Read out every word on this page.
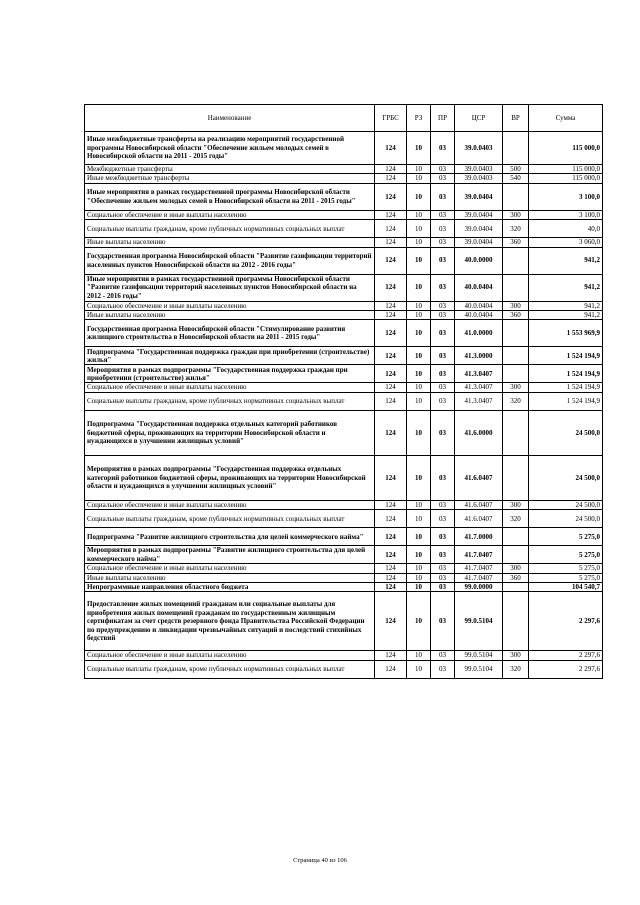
Наименование	ГРБС	РЗ	ПР	ЦСР	ВР	Сумма
Иные межбюджетные трансферты на реализацию мероприятий государственной программы Новосибирской области "Обеспечение жильем молодых семей в Новосибирской области на 2011 - 2015 годы"	124	10	03	39.0.0403		115 000,0
Межбюджетные трансферты	124	10	03	39.0.0403	500	115 000,0
Иные межбюджетные трансферты	124	10	03	39.0.0403	540	115 000,0
Иные мероприятия в рамках государственной программы Новосибирской области "Обеспечение жильем молодых семей в Новосибирской области на 2011 - 2015 годы"	124	10	03	39.0.0404		3 100,0
Социальное обеспечение и иные выплаты населению	124	10	03	39.0.0404	300	3 100,0
Социальные выплаты гражданам, кроме публичных нормативных социальных выплат	124	10	03	39.0.0404	320	40,0
Иные выплаты населению	124	10	03	39.0.0404	360	3 060,0
Государственная программа Новосибирской области "Развитие газификации территорий населенных пунктов Новосибирской области на 2012 - 2016 годы"	124	10	03	40.0.0000		941,2
Иные мероприятия в рамках государственной программы Новосибирской области "Развитие газификации территорий населенных пунктов Новосибирской области на 2012 - 2016 годы"	124	10	03	40.0.0404		941,2
Социальное обеспечение и иные выплаты населению	124	10	03	40.0.0404	300	941,2
Иные выплаты населению	124	10	03	40.0.0404	360	941,2
Государственная программа Новосибирской области "Стимулирование развития жилищного строительства в Новосибирской области на 2011 - 2015 годы"	124	10	03	41.0.0000		1 553 969,9
Подпрограмма "Государственная поддержка граждан при приобретении (строительстве) жилья"	124	10	03	41.3.0000		1 524 194,9
Мероприятия в рамках подпрограммы "Государственная поддержка граждан при приобретении (строительстве) жилья"	124	10	03	41.3.0407		1 524 194,9
Социальное обеспечение и иные выплаты населению	124	10	03	41.3.0407	300	1 524 194,9
Социальные выплаты гражданам, кроме публичных нормативных социальных выплат	124	10	03	41.3.0407	320	1 524 194,9
Подпрограмма "Государственная поддержка отдельных категорий работников бюджетной сферы, проживающих на территории Новосибирской области и нуждающихся в улучшении жилищных условий"	124	10	03	41.6.0000		24 500,0
Мероприятия в рамках подпрограммы "Государственная поддержка отдельных категорий работников бюджетной сферы, проживающих на территории Новосибирской области и нуждающихся в улучшении жилищных условий"	124	10	03	41.6.0407		24 500,0
Социальное обеспечение и иные выплаты населению	124	10	03	41.6.0407	300	24 500,0
Социальные выплаты гражданам, кроме публичных нормативных социальных выплат	124	10	03	41.6.0407	320	24 500,0
Подпрограмма "Развитие жилищного строительства для целей коммерческого найма"	124	10	03	41.7.0000		5 275,0
Мероприятия в рамках подпрограммы "Развитие жилищного строительства для целей коммерческого найма"	124	10	03	41.7.0407		5 275,0
Социальное обеспечение и иные выплаты населению	124	10	03	41.7.0407	300	5 275,0
Иные выплаты населению	124	10	03	41.7.0407	360	5 275,0
Непрограммные направления областного бюджета	124	10	03	99.0.0000		104 540,7
Предоставление жилых помещений гражданам или социальные выплаты для приобретения жилых помещений гражданам по государственным жилищным сертификатам за счет средств резервного фонда Правительства Российской Федерации по предупреждению и ликвидации чрезвычайных ситуаций и последствий стихийных бедствий	124	10	03	99.0.5104		2 297,6
Социальное обеспечение и иные выплаты населению	124	10	03	99.0.5104	300	2 297,6
Социальные выплаты гражданам, кроме публичных нормативных социальных выплат	124	10	03	99.0.5104	320	2 297,6
Страница 40 из 106
